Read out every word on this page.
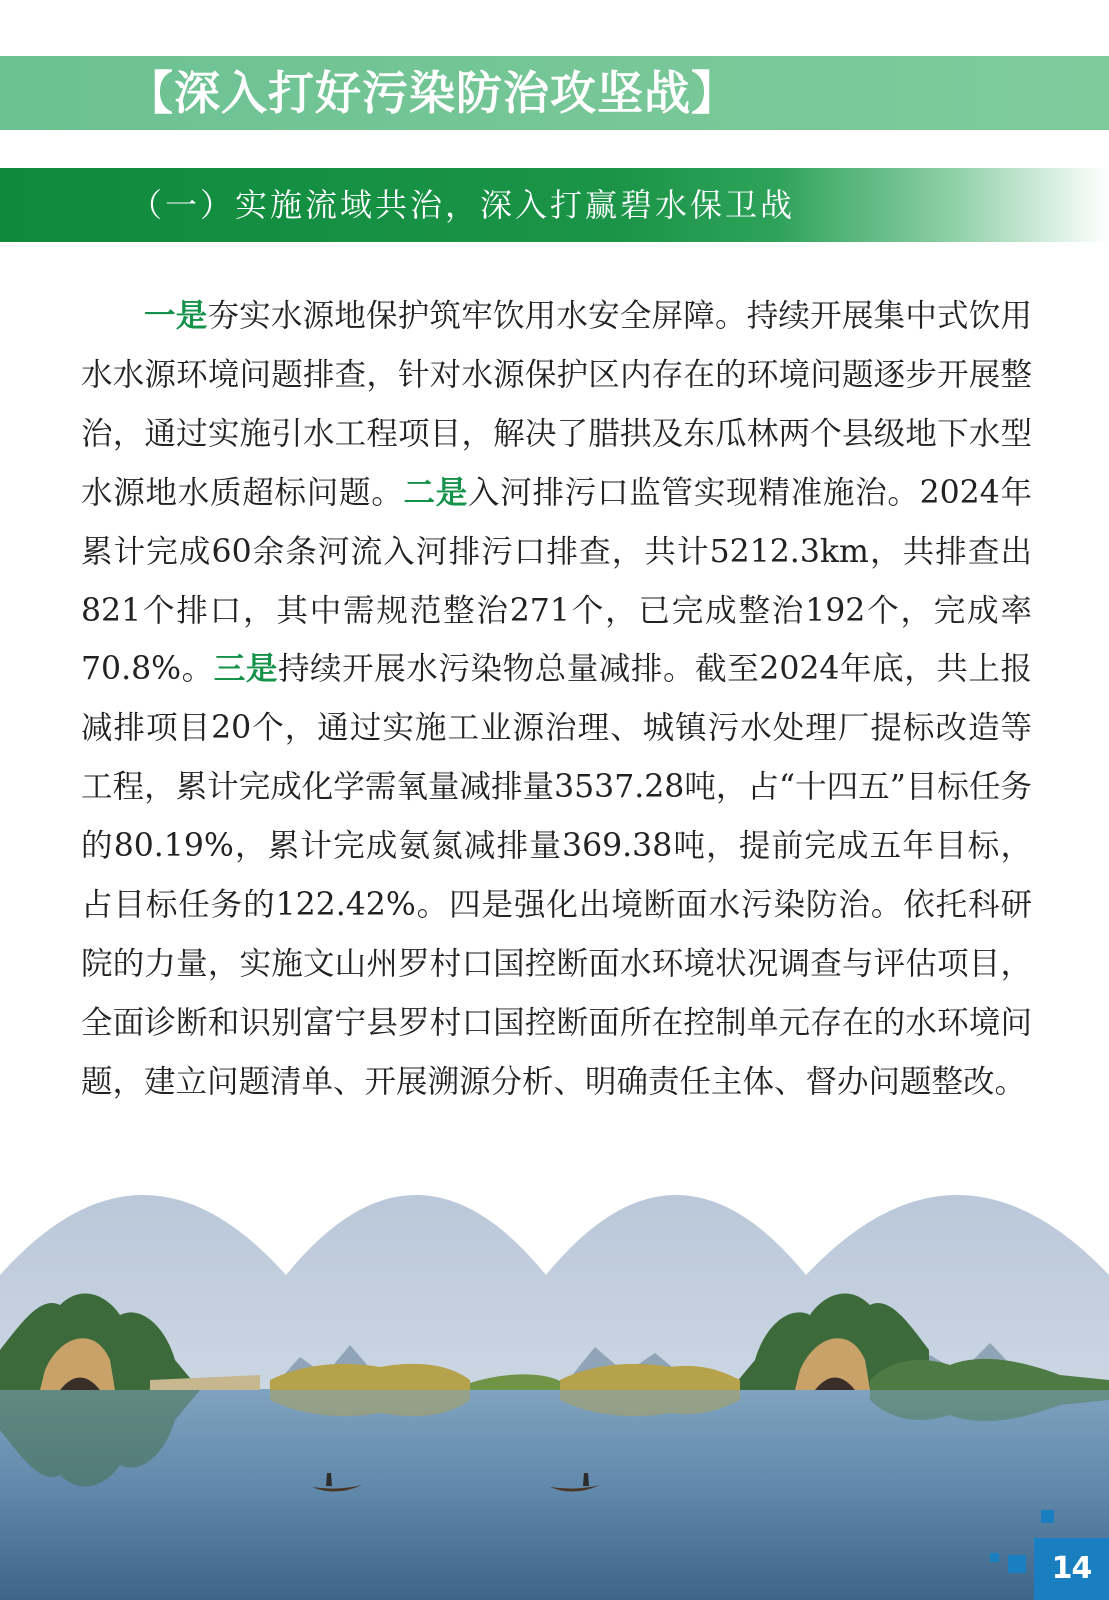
【深入打好污染防治攻坚战】
（一）实施流域共治，深入打赢碧水保卫战

一是夯实水源地保护筑牢饮用水安全屏障。持续开展集中式饮用水水源环境问题排查，针对水源保护区内存在的环境问题逐步开展整治，通过实施引水工程项目，解决了腊拱及东瓜林两个县级地下水型水源地水质超标问题。二是入河排污口监管实现精准施治。2024年累计完成60余条河流入河排污口排查，共计5212.3km，共排查出821个排口，其中需规范整治271个，已完成整治192个，完成率70.8%。三是持续开展水污染物总量减排。截至2024年底，共上报减排项目20个，通过实施工业源治理、城镇污水处理厂提标改造等工程，累计完成化学需氧量减排量3537.28吨，占“十四五”目标任务的80.19%，累计完成氨氮减排量369.38吨，提前完成五年目标，占目标任务的122.42%。四是强化出境断面水污染防治。依托科研院的力量，实施文山州罗村口国控断面水环境状况调查与评估项目，全面诊断和识别富宁县罗村口国控断面所在控制单元存在的水环境问题，建立问题清单、开展溯源分析、明确责任主体、督办问题整改。

14
